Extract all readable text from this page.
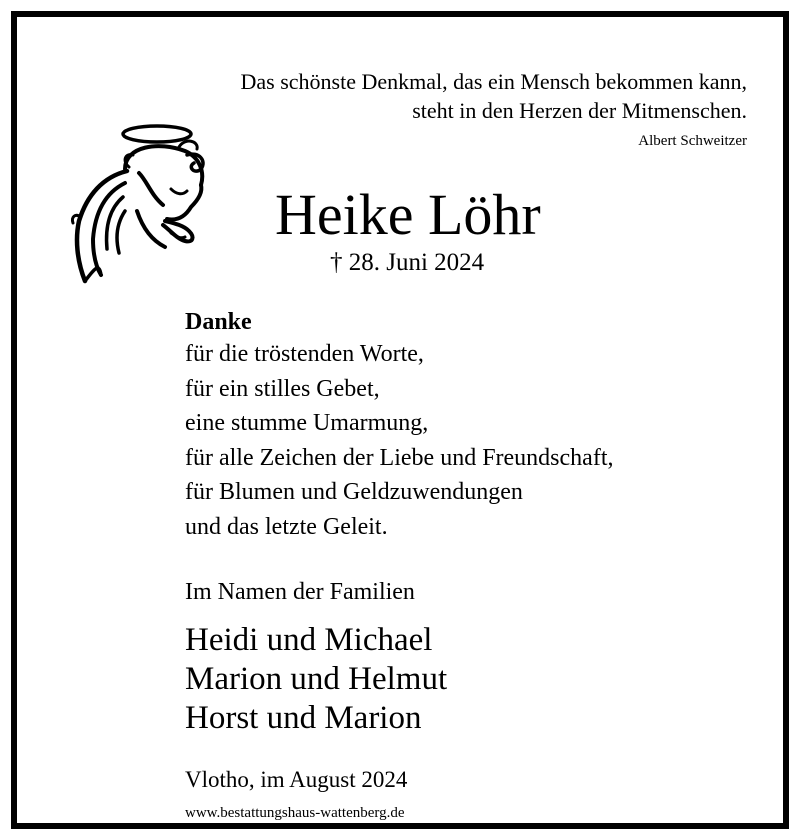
Das schönste Denkmal, das ein Mensch bekommen kann,
steht in den Herzen der Mitmenschen.
Albert Schweitzer
Heike Löhr
† 28. Juni 2024
Danke
für die tröstenden Worte,
für ein stilles Gebet,
eine stumme Umarmung,
für alle Zeichen der Liebe und Freundschaft,
für Blumen und Geldzuwendungen
und das letzte Geleit.
Im Namen der Familien
Heidi und Michael
Marion und Helmut
Horst und Marion
Vlotho, im August 2024
www.bestattungshaus-wattenberg.de
